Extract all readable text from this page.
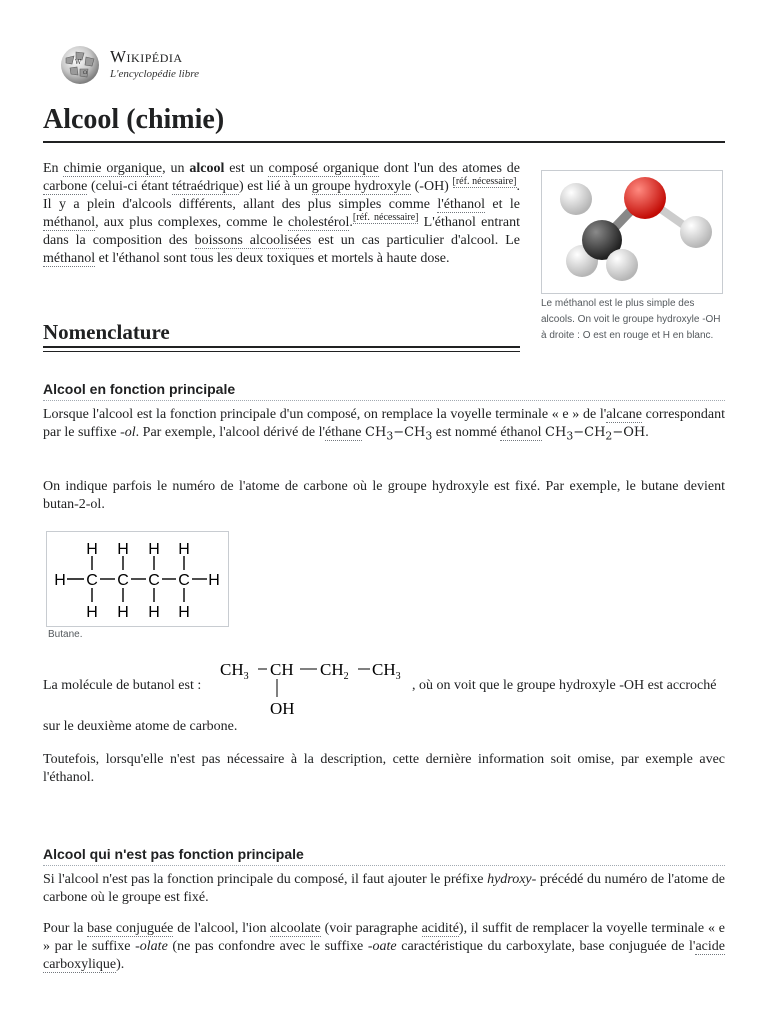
W
Ω
Wikipédia
L'encyclopédie libre
Alcool (chimie)

En chimie organique, un alcool est un composé organique dont l'un des atomes de carbone (celui-ci étant tétraédrique) est lié à un groupe hydroxyle (-OH) [réf. nécessaire]. Il y a plein d'alcools différents, allant des plus simples comme l'éthanol et le méthanol, aux plus complexes, comme le cholestérol.[réf. nécessaire] L'éthanol entrant dans la composition des boissons alcoolisées est un cas particulier d'alcool. Le méthanol et l'éthanol sont tous les deux toxiques et mortels à haute dose.

Le méthanol est le plus simple des alcools. On voit le groupe hydroxyle -OH à droite : O est en rouge et H en blanc.
Nomenclature
Alcool en fonction principale

Lorsque l'alcool est la fonction principale d'un composé, on remplace la voyelle terminale « e » de l'alcane correspondant par le suffixe -ol. Par exemple, l'alcool dérivé de l'éthane $CH_3-CH_3$ est nommé éthanol $CH_3-CH_2-OH$.

On indique parfois le numéro de l'atome de carbone où le groupe hydroxyle est fixé. Par exemple, le butane devient butan-2-ol.

H H H H
H C C C C H
H H H H
Butane.
La molécule de butanol est :
$CH_3$ CH $CH_2$ $CH_3$
OH
, où on voit que le groupe hydroxyle -OH est accroché
sur le deuxième atome de carbone.

Toutefois, lorsqu'elle n'est pas nécessaire à la description, cette dernière information soit omise, par exemple avec l'éthanol.

Alcool qui n'est pas fonction principale

Si l'alcool n'est pas la fonction principale du composé, il faut ajouter le préfixe hydroxy- précédé du numéro de l'atome de carbone où le groupe est fixé.

Pour la base conjuguée de l'alcool, l'ion alcoolate (voir paragraphe acidité), il suffit de remplacer la voyelle terminale « e » par le suffixe -olate (ne pas confondre avec le suffixe -oate caractéristique du carboxylate, base conjuguée de l'acide carboxylique).
